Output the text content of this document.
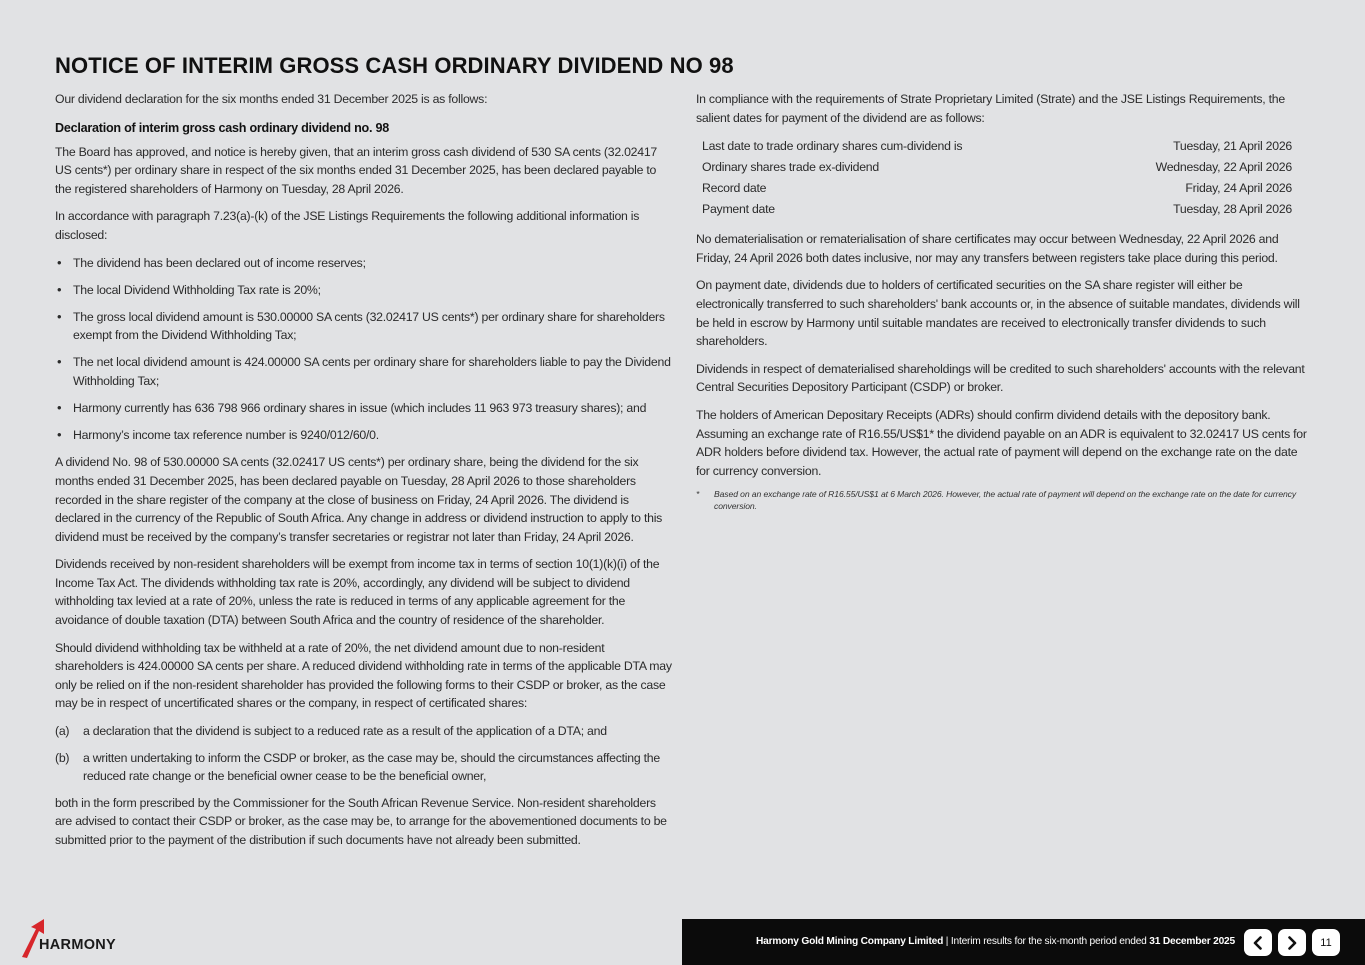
NOTICE OF INTERIM GROSS CASH ORDINARY DIVIDEND NO 98

Our dividend declaration for the six months ended 31 December 2025 is as follows:

Declaration of interim gross cash ordinary dividend no. 98

The Board has approved, and notice is hereby given, that an interim gross cash dividend of 530 SA cents (32.02417 US cents*) per ordinary share in respect of the six months ended 31 December 2025, has been declared payable to the registered shareholders of Harmony on Tuesday, 28 April 2026.

In accordance with paragraph 7.23(a)-(k) of the JSE Listings Requirements the following additional information is disclosed:

• The dividend has been declared out of income reserves;
• The local Dividend Withholding Tax rate is 20%;
• The gross local dividend amount is 530.00000 SA cents (32.02417 US cents*) per ordinary share for shareholders exempt from the Dividend Withholding Tax;
• The net local dividend amount is 424.00000 SA cents per ordinary share for shareholders liable to pay the Dividend Withholding Tax;
• Harmony currently has 636 798 966 ordinary shares in issue (which includes 11 963 973 treasury shares); and
• Harmony’s income tax reference number is 9240/012/60/0.

A dividend No. 98 of 530.00000 SA cents (32.02417 US cents*) per ordinary share, being the dividend for the six months ended 31 December 2025, has been declared payable on Tuesday, 28 April 2026 to those shareholders recorded in the share register of the company at the close of business on Friday, 24 April 2026. The dividend is declared in the currency of the Republic of South Africa. Any change in address or dividend instruction to apply to this dividend must be received by the company’s transfer secretaries or registrar not later than Friday, 24 April 2026.

Dividends received by non-resident shareholders will be exempt from income tax in terms of section 10(1)(k)(i) of the Income Tax Act. The dividends withholding tax rate is 20%, accordingly, any dividend will be subject to dividend withholding tax levied at a rate of 20%, unless the rate is reduced in terms of any applicable agreement for the avoidance of double taxation (DTA) between South Africa and the country of residence of the shareholder.

Should dividend withholding tax be withheld at a rate of 20%, the net dividend amount due to non-resident shareholders is 424.00000 SA cents per share. A reduced dividend withholding rate in terms of the applicable DTA may only be relied on if the non-resident shareholder has provided the following forms to their CSDP or broker, as the case may be in respect of uncertificated shares or the company, in respect of certificated shares:

(a) a declaration that the dividend is subject to a reduced rate as a result of the application of a DTA; and
(b) a written undertaking to inform the CSDP or broker, as the case may be, should the circumstances affecting the reduced rate change or the beneficial owner cease to be the beneficial owner,

both in the form prescribed by the Commissioner for the South African Revenue Service. Non-resident shareholders are advised to contact their CSDP or broker, as the case may be, to arrange for the abovementioned documents to be submitted prior to the payment of the distribution if such documents have not already been submitted.

In compliance with the requirements of Strate Proprietary Limited (Strate) and the JSE Listings Requirements, the salient dates for payment of the dividend are as follows:

Last date to trade ordinary shares cum-dividend is	Tuesday, 21 April 2026
Ordinary shares trade ex-dividend	Wednesday, 22 April 2026
Record date	Friday, 24 April 2026
Payment date	Tuesday, 28 April 2026

No dematerialisation or rematerialisation of share certificates may occur between Wednesday, 22 April 2026 and Friday, 24 April 2026 both dates inclusive, nor may any transfers between registers take place during this period.

On payment date, dividends due to holders of certificated securities on the SA share register will either be electronically transferred to such shareholders' bank accounts or, in the absence of suitable mandates, dividends will be held in escrow by Harmony until suitable mandates are received to electronically transfer dividends to such shareholders.

Dividends in respect of dematerialised shareholdings will be credited to such shareholders' accounts with the relevant Central Securities Depository Participant (CSDP) or broker.

The holders of American Depositary Receipts (ADRs) should confirm dividend details with the depository bank. Assuming an exchange rate of R16.55/US$1* the dividend payable on an ADR is equivalent to 32.02417 US cents for ADR holders before dividend tax. However, the actual rate of payment will depend on the exchange rate on the date for currency conversion.

* Based on an exchange rate of R16.55/US$1 at 6 March 2026. However, the actual rate of payment will depend on the exchange rate on the date for currency conversion.
HARMONY	Harmony Gold Mining Company Limited | Interim results for the six-month period ended 31 December 2025	11
